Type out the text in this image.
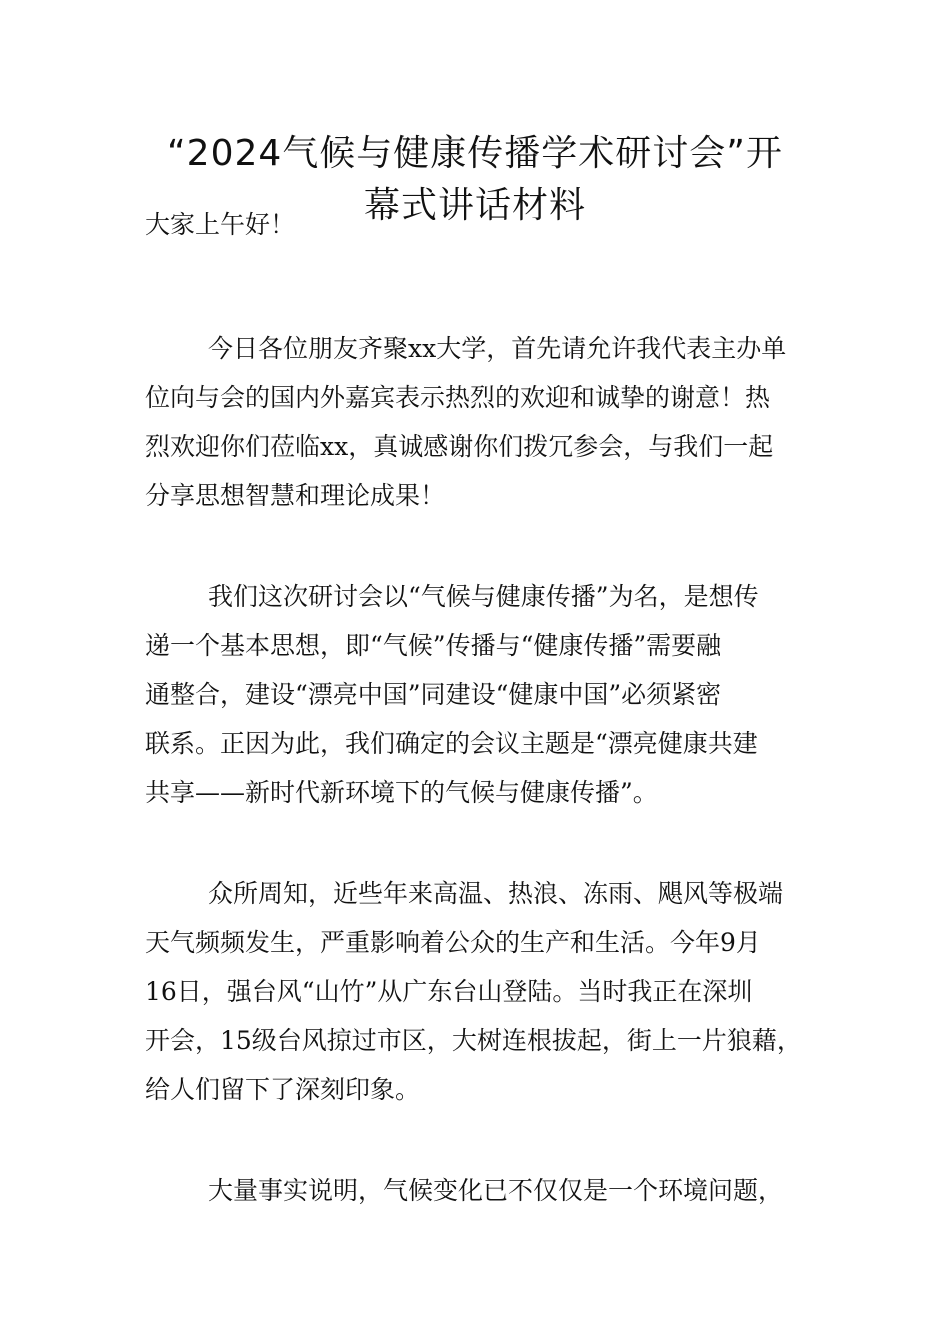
“2024气候与健康传播学术研讨会”开
幕式讲话材料

大家上午好！

今日各位朋友齐聚xx大学，首先请允许我代表主办单
位向与会的国内外嘉宾表示热烈的欢迎和诚挚的谢意！热
烈欢迎你们莅临xx，真诚感谢你们拨冗参会，与我们一起
分享思想智慧和理论成果！

我们这次研讨会以“气候与健康传播”为名，是想传
递一个基本思想，即“气候”传播与“健康传播”需要融
通整合，建设“漂亮中国”同建设“健康中国”必须紧密
联系。正因为此，我们确定的会议主题是“漂亮健康共建
共享——新时代新环境下的气候与健康传播”。

众所周知，近些年来高温、热浪、冻雨、飓风等极端
天气频频发生，严重影响着公众的生产和生活。今年9月
16日，强台风“山竹”从广东台山登陆。当时我正在深圳
开会，15级台风掠过市区，大树连根拔起，街上一片狼藉，
给人们留下了深刻印象。

大量事实说明，气候变化已不仅仅是一个环境问题，
